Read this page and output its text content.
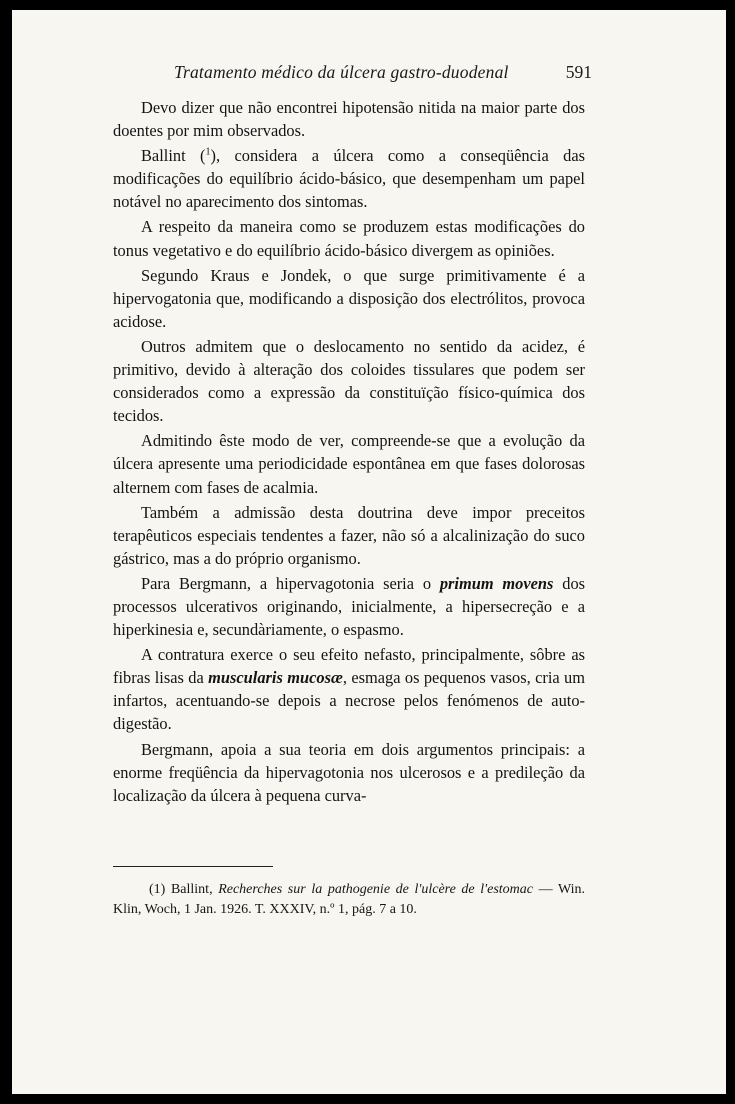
Tratamento médico da úlcera gastro-duodenal	591

Devo dizer que não encontrei hipotensão nitida na maior parte dos doentes por mim observados.

Ballint ($^1$), considera a úlcera como a conseqüência das modificações do equilíbrio ácido-básico, que desempenham um papel notável no aparecimento dos sintomas.

A respeito da maneira como se produzem estas modificações do tonus vegetativo e do equilíbrio ácido-básico divergem as opiniões.

Segundo Kraus e Jondek, o que surge primitivamente é a hipervogatonia que, modificando a disposição dos electrólitos, provoca acidose.

Outros admitem que o deslocamento no sentido da acidez, é primitivo, devido à alteração dos coloides tissulares que podem ser considerados como a expressão da constituïção físico-química dos tecidos.

Admitindo êste modo de ver, compreende-se que a evolução da úlcera apresente uma periodicidade espontânea em que fases dolorosas alternem com fases de acalmia.

Também a admissão desta doutrina deve impor preceitos terapêuticos especiais tendentes a fazer, não só a alcalinização do suco gástrico, mas a do próprio organismo.

Para Bergmann, a hipervagotonia seria o primum movens dos processos ulcerativos originando, inicialmente, a hipersecreção e a hiperkinesia e, secundàriamente, o espasmo.

A contratura exerce o seu efeito nefasto, principalmente, sôbre as fibras lisas da muscularis mucosæ, esmaga os pequenos vasos, cria um infartos, acentuando-se depois a necrose pelos fenómenos de auto-digestão.

Bergmann, apoia a sua teoria em dois argumentos principais: a enorme freqüência da hipervagotonia nos ulcerosos e a predileção da localização da úlcera à pequena curva-

(1) Ballint, Recherches sur la pathogenie de l'ulcère de l'estomac — Win. Klin, Woch, 1 Jan. 1926. T. XXXIV, n.º 1, pág. 7 a 10.
